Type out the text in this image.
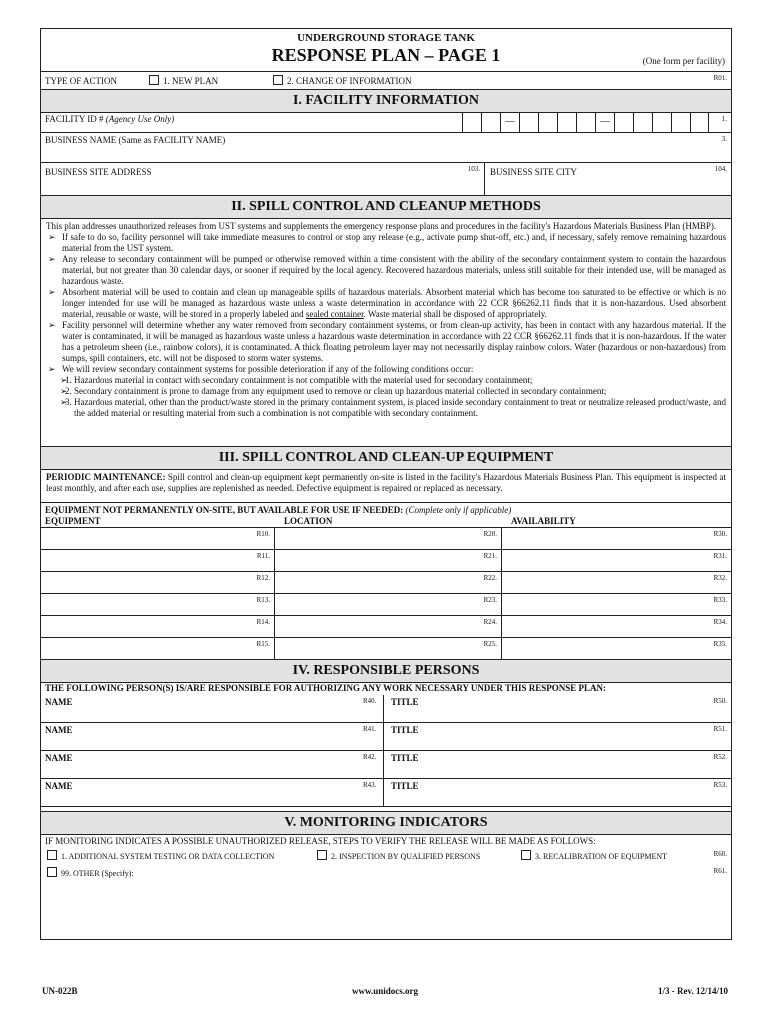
UNDERGROUND STORAGE TANK
RESPONSE PLAN – PAGE 1	(One form per facility)
TYPE OF ACTION	1. NEW PLAN	2. CHANGE OF INFORMATION	R01.
I. FACILITY INFORMATION
FACILITY ID # (Agency Use Only)	—	—	1.
BUSINESS NAME (Same as FACILITY NAME)	3.
BUSINESS SITE ADDRESS	103. BUSINESS SITE CITY	104.
II. SPILL CONTROL AND CLEANUP METHODS
This plan addresses unauthorized releases from UST systems and supplements the emergency response plans and procedures in the facility's Hazardous Materials Business Plan (HMBP).
➢ If safe to do so, facility personnel will take immediate measures to control or stop any release (e.g., activate pump shut-off, etc.) and, if necessary, safely remove remaining hazardous material from the UST system.
➢ Any release to secondary containment will be pumped or otherwise removed within a time consistent with the ability of the secondary containment system to contain the hazardous material, but not greater than 30 calendar days, or sooner if required by the local agency. Recovered hazardous materials, unless still suitable for their intended use, will be managed as hazardous waste.
➢ Absorbent material will be used to contain and clean up manageable spills of hazardous materials. Absorbent material which has become too saturated to be effective or which is no longer intended for use will be managed as hazardous waste unless a waste determination in accordance with 22 CCR §66262.11 finds that it is non-hazardous. Used absorbent material, reusable or waste, will be stored in a properly labeled and sealed container. Waste material shall be disposed of appropriately.
➢ Facility personnel will determine whether any water removed from secondary containment systems, or from clean-up activity, has been in contact with any hazardous material. If the water is contaminated, it will be managed as hazardous waste unless a hazardous waste determination in accordance with 22 CCR §66262.11 finds that it is non-hazardous. If the water has a petroleum sheen (i.e., rainbow colors), it is contaminated. A thick floating petroleum layer may not necessarily display rainbow colors. Water (hazardous or non-hazardous) from sumps, spill containers, etc. will not be disposed to storm water systems.
➢ We will review secondary containment systems for possible deterioration if any of the following conditions occur:
➢ 1. Hazardous material in contact with secondary containment is not compatible with the material used for secondary containment;
➢ 2. Secondary containment is prone to damage from any equipment used to remove or clean up hazardous material collected in secondary containment;
➢ 3. Hazardous material, other than the product/waste stored in the primary containment system, is placed inside secondary containment to treat or neutralize released product/waste, and the added material or resulting material from such a combination is not compatible with secondary containment.
III. SPILL CONTROL AND CLEAN-UP EQUIPMENT
PERIODIC MAINTENANCE: Spill control and clean-up equipment kept permanently on-site is listed in the facility's Hazardous Materials Business Plan. This equipment is inspected at least monthly, and after each use, supplies are replenished as needed. Defective equipment is repaired or replaced as necessary.
EQUIPMENT NOT PERMANENTLY ON-SITE, BUT AVAILABLE FOR USE IF NEEDED: (Complete only if applicable)
EQUIPMENT	LOCATION	AVAILABILITY
R10.	R20.	R30.
R11.	R21.	R31.
R12.	R22.	R32.
R13.	R23.	R33.
R14.	R24.	R34.
R15.	R25.	R35.
IV. RESPONSIBLE PERSONS
THE FOLLOWING PERSON(S) IS/ARE RESPONSIBLE FOR AUTHORIZING ANY WORK NECESSARY UNDER THIS RESPONSE PLAN:
NAME	R40. TITLE	R50.
NAME	R41. TITLE	R51.
NAME	R42. TITLE	R52.
NAME	R43. TITLE	R53.
V. MONITORING INDICATORS
IF MONITORING INDICATES A POSSIBLE UNAUTHORIZED RELEASE, STEPS TO VERIFY THE RELEASE WILL BE MADE AS FOLLOWS:
1. ADDITIONAL SYSTEM TESTING OR DATA COLLECTION	2. INSPECTION BY QUALIFIED PERSONS	3. RECALIBRATION OF EQUIPMENT	R60.
99. OTHER (Specify):	R61.
UN-022B	www.unidocs.org	1/3 - Rev. 12/14/10
